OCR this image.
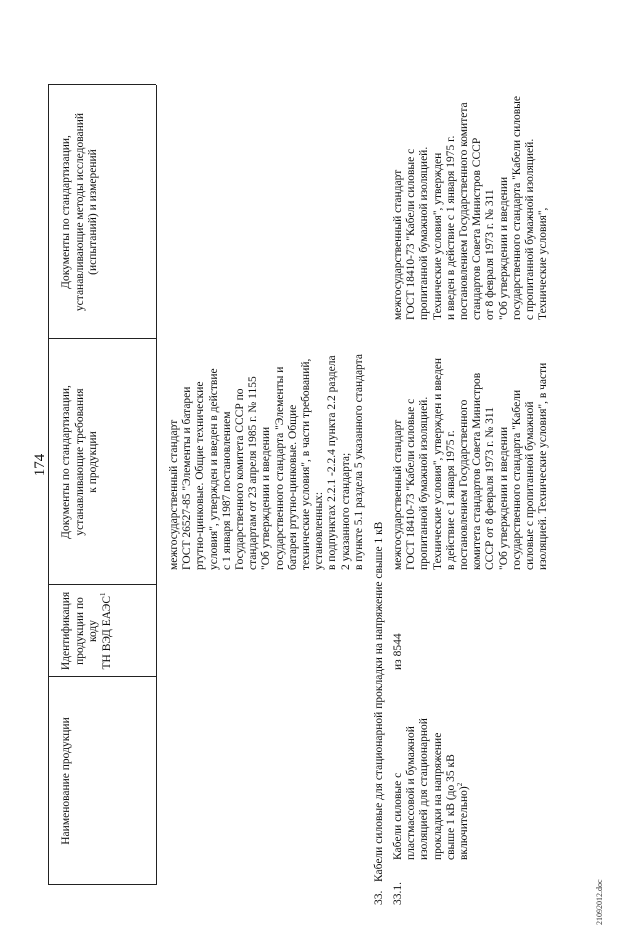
174
21092012.doc
Наименование продукции
Идентификация продукции по коду ТН ВЭД ЕАЭС$^1$
Документы по стандартизации, устанавливающие требования к продукции
Документы по стандартизации, устанавливающие методы исследований (испытаний) и измерений
межгосударственный стандарт ГОСТ 26527-85 "Элементы и батареи ртутно-цинковые. Общие технические условия", утвержден и введен в действие с 1 января 1987 постановлением Государственного комитета СССР по стандартам от 23 апреля 1985 г. № 1155 "Об утверждении и введении государственного стандарта "Элементы и батареи ртутно-цинковые. Общие технические условия", в части требований, установленных: в подпунктах 2.2.1 -2.2.4 пункта 2.2 раздела 2 указанного стандарта; в пункте 5.1 раздела 5 указанного стандарта
33.   Кабели силовые для стационарной прокладки на напряжение свыше 1 кВ
33.1.
Кабели силовые с пластмассовой и бумажной изоляцией для стационарной прокладки на напряжение свыше 1 кВ (до 35 кВ включительно)$^2$
из 8544
межгосударственный стандарт ГОСТ 18410-73 "Кабели силовые с пропитанной бумажной изоляцией. Технические условия", утвержден и введен в действие с 1 января 1975 г. постановлением Государственного комитета стандартов Совета Министров СССР от 8 февраля 1973 г. № 311 "Об утверждении и введении государственного стандарта "Кабели силовые с пропитанной бумажной изоляцией. Технические условия", в части
межгосударственный стандарт ГОСТ 18410-73 "Кабели силовые с пропитанной бумажной изоляцией. Технические условия", утвержден и введен в действие с 1 января 1975 г. постановлением Государственного комитета стандартов Совета Министров СССР от 8 февраля 1973 г. № 311 "Об утверждении и введении государственного стандарта "Кабели силовые с пропитанной бумажной изоляцией. Технические условия",
